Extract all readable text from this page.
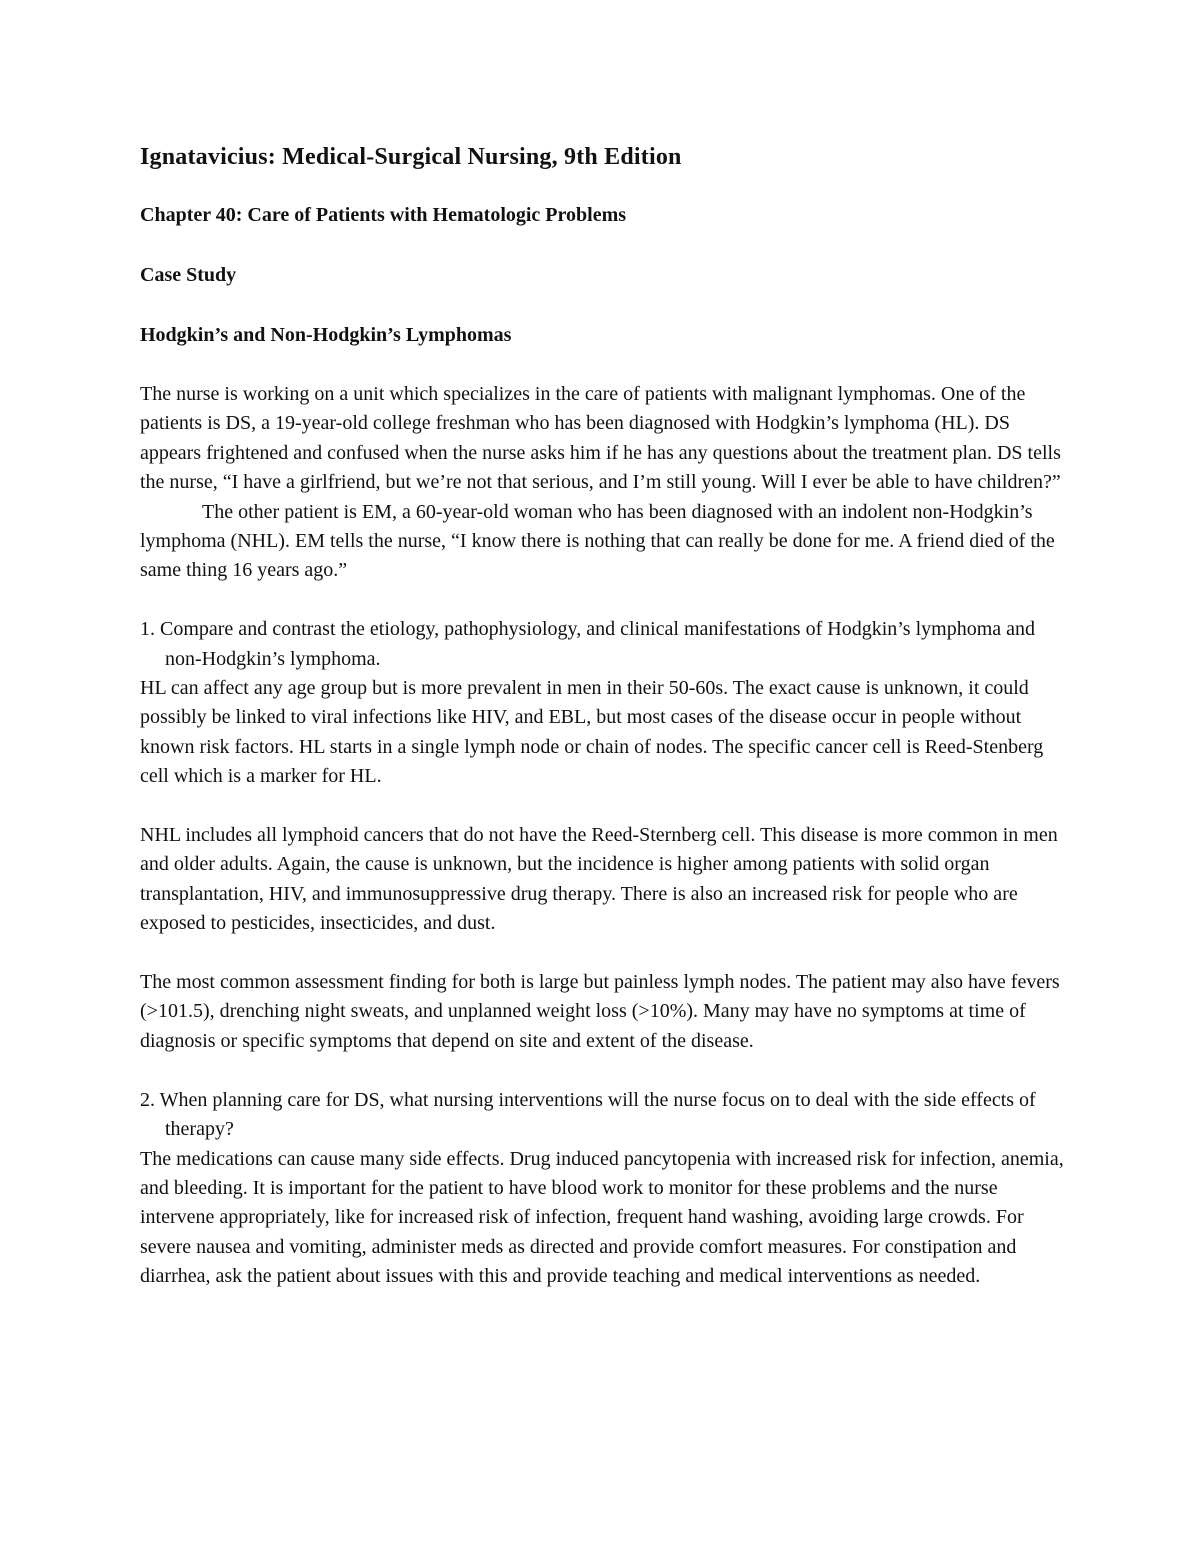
Ignatavicius: Medical-Surgical Nursing, 9th Edition
Chapter 40: Care of Patients with Hematologic Problems
Case Study
Hodgkin’s and Non-Hodgkin’s Lymphomas

The nurse is working on a unit which specializes in the care of patients with malignant lymphomas. One of the patients is DS, a 19-year-old college freshman who has been diagnosed with Hodgkin’s lymphoma (HL). DS appears frightened and confused when the nurse asks him if he has any questions about the treatment plan. DS tells the nurse, “I have a girlfriend, but we’re not that serious, and I’m still young. Will I ever be able to have children?”

The other patient is EM, a 60-year-old woman who has been diagnosed with an indolent non-Hodgkin’s lymphoma (NHL). EM tells the nurse, “I know there is nothing that can really be done for me. A friend died of the same thing 16 years ago.”

1. Compare and contrast the etiology, pathophysiology, and clinical manifestations of Hodgkin’s lymphoma and non-Hodgkin’s lymphoma.

HL can affect any age group but is more prevalent in men in their 50-60s. The exact cause is unknown, it could possibly be linked to viral infections like HIV, and EBL, but most cases of the disease occur in people without known risk factors. HL starts in a single lymph node or chain of nodes. The specific cancer cell is Reed-Stenberg cell which is a marker for HL.

NHL includes all lymphoid cancers that do not have the Reed-Sternberg cell. This disease is more common in men and older adults. Again, the cause is unknown, but the incidence is higher among patients with solid organ transplantation, HIV, and immunosuppressive drug therapy. There is also an increased risk for people who are exposed to pesticides, insecticides, and dust.

The most common assessment finding for both is large but painless lymph nodes. The patient may also have fevers (>101.5), drenching night sweats, and unplanned weight loss (>10%). Many may have no symptoms at time of diagnosis or specific symptoms that depend on site and extent of the disease.

2. When planning care for DS, what nursing interventions will the nurse focus on to deal with the side effects of therapy?

The medications can cause many side effects. Drug induced pancytopenia with increased risk for infection, anemia, and bleeding. It is important for the patient to have blood work to monitor for these problems and the nurse intervene appropriately, like for increased risk of infection, frequent hand washing, avoiding large crowds. For severe nausea and vomiting, administer meds as directed and provide comfort measures. For constipation and diarrhea, ask the patient about issues with this and provide teaching and medical interventions as needed.
